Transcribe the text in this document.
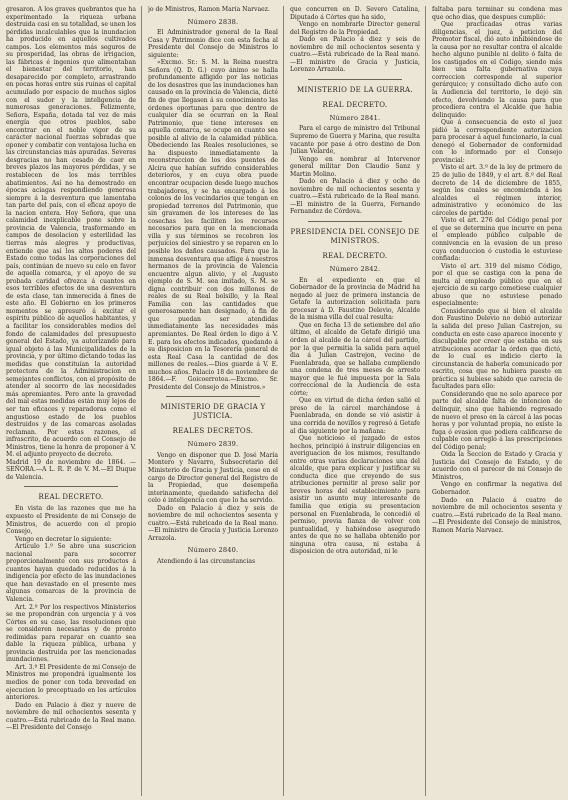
gresaron. A los graves quebrantos que ha experimentado la riqueza urbana destruida casi en su totalidad, se unen los pérdidas incalculables que la inundacion ha producido en aquellos cultivados campos. Los elementos más seguros de su prosperidad, las obras de irrigacion, las fábricas é ingenios que alimentaban el bienestar del territorio, han desaparecido por completo, arrastrando en pocas horas entre sus ruinas el capital acumulado por espacio de muchos siglos con el sudor y la inteligencia de numerosas generaciones. Felizmente, Señora, España, dotada tal vez de más energía que otros pueblos, sabe encontrar en el noble vigor de su carácter nacional fuerzas sobradas que oponer y combatir con ventajosa lucha en las circunstancias más apuradas. Severas desgracias no han cesado de caer en breves plazos las mayores pérdidas, y se restablecen de los más terribles abatimientos. Así no ha demostrado en épocas aciagas respondiendo generosa siempre á la desventura que lamentaba tan parte del país, con el eficaz apoyo de la nacion entera. Hoy Señora, que una calamidad inexplicable pone sobre la provincia de Valencia, trasformando en campos de desolacion y esterilidad las tierras más alegres y productivas, entiende que así los altos poderes del Estado como todas las corporaciones del país, continúan de nuevo su celo en favor de aquella comarca, y el apoyo de su probada caridad ofrezca á cuantos en esos terribles efectos de una desventura de esta clase, tan inmerecida á fines de este año. El Gobierno en los primeros momentos se apresuró á excitar el espíritu público de aquellos habitantes, y a facilitar los considerables medios del fondo de calamidades del presupuesto general del Estado, ya autorizando para igual objeto á las Municipalidades de la provincia, y por último dictando todas las medidas que constituían la autoridad protectora de la Administracion en semejantes conflictos, con el propósito de atender al socorro de las necesidades más apremiantes. Pero ante la gravedad del mal estas medidas están muy lejos de ser tan eficaces y reparadoras como el angustioso estado de los pueblos destruidos y de las comarcas asoladas reclaman. Por estas razones, el infrascrito, de acuerdo con el Consejo de Ministros, tiene la honra de proponer á V. M. el adjunto proyecto de decreto.

Madrid 19 de noviembre de 1864. —SEÑORA.—A L. R. P. de V. M.—El Duque de Valencia.

REAL DECRETO.

En vista de las razones que me ha expuesto el Presidente de mi Consejo de Ministros, de acuerdo con el propio Consejo,

Vengo en decretar lo siguiente:

Artículo 1.º Se abre una suscricion nacional para socorrer proporcionalmente con sus productos á cuantos hayan quedado reducidos á la indigencia por efecto de las inundaciones que han devastado en el presente mes algunas comarcas de la provincia de Valencia.

Art. 2.º Por los respectivos Ministerios se me propondrán con urgencia y á vos Córtes en su caso, las resoluciones que se consideren necesarias y de pronto redimidas para reparar en cuanto sea dable la riqueza pública, urbana y provincia destruida por las mencionadas inundaciones.

Art. 3.º El Presidente de mi Consejo de Ministros me propondrá igualmente los medios de poner con toda brevedad en ejecucion lo preceptuado en los artículos anteriores.

Dado en Palacio á diez y nueve de noviembre de mil ochocientos sesenta y cuatro.—Está rubricado de la Real mano.—El Presidente del Consejo

jo de Ministros, Ramon María Narvaez.

Número 2838.

El Administrador general de la Real Casa y Patrimonio dice con esta fecha al Presidente del Consejo de Ministros lo siguiente:

«Excmo. Sr.: S. M. la Reina nuestra Señora (Q. D. G.) cuyo ánimo se halla profundamente afligido por las noticias de los desastres que las inundaciones han causado en la provincia de Valencia, dicté fin de que llegasen á su conocimiento las órdenes oportunas para que dentro de cualquier día se ocurran en la Real Patrimonio, que tiene intereses en aquella comarca, se ocupe en cuanto sea posible al alivio de la calamidad pública. Obedeciendo las Reales resoluciones, se ha dispuesto inmediatamente la reconstruccion de los dos puentes de Alcira que habían sufrido considerables deterioros, y en cuya obra puede encontrar ocupacion desde luego muchos trabajadores, y se ha encargado á los colonos de los vecindarios que tengan en propiedad terrenos del Patrimonio, que sin gravamen de los intereses de las cosechas les faciliten los recursos necesarios para que en la mencionada villa y sus términos se recobren los perjuicios del siniestro y se reparen en lo posible los daños causados. Para que la inmensa desventura que aflige á nuestros hermanos de la provincia de Valencia encuentre algun alivio, y el Augusto ejemplo de S. M. sea imitado, S. M. se digna contribuir con dos millones de reales de su Real bolsillo, y la Real Familia con las cantidades que generosamente han designado, á fin de que puedan ser atendidas inmediatamente las necesidades más apremiantes. De Real órden lo digo á V. E. para los efectos indicados, quedando á su disposicion en la Tesorería general de esta Real Casa la cantidad de dos millones de reales.—Dios guarde á V. E. muchos años. Palacio 18 de noviembre de 1864.—F. Goicoerrotea.—Excmo. Sr. Presidente del Consejo de Ministros.»

MINISTERIO DE GRACIA Y JUSTICIA.
REALES DECRETOS.
Número 2839.

Vengo en disponer que D. José María Montero y Navarro, Subsecretario del Ministerio de Gracia y Justicia, cese en el cargo de Director general del Registro de la Propiedad, que desempeña interinamente, quedando satisfecha del celo é inteligencia con que lo ha servido.

Dado en Palacio á diez y seis de noviembre de mil ochocientos sesenta y cuatro.—Está rubricado de la Real mano.—El ministro de Gracia y Justicia Lorenzo Arrazola.

Número 2840.

Atendiendo á las circunstancias

que concurren en D. Severo Catalina, Diputado á Córtes que ha sido,

Vengo en nombrarle Director general del Registro de la Propiedad.

Dado en Palacio á diez y seis de noviembre de mil ochocientos sesenta y cuatro.—Está rubricado de la Real mano.—El ministro de Gracia y Justicia, Lorenzo Arrazola.

MINISTERIO DE LA GUERRA.
REAL DECRETO.
Número 2841.

Para el cargo de ministro del Tribunal Supremo de Guerra y Marina, que resulta vacante por pase á otro destino de Don Julian Velarde,

Vengo en nombrar al Intervenor general militar Don Claudio Sanz y Martin Molino.

Dado en Palacio á diez y ocho de noviembre de mil ochocientos sesenta y cuatro.—Está rubricado de la Real mano.—El ministro de la Guerra, Fernando Fernandez de Córdova.

PRESIDENCIA DEL CONSEJO DE MINISTROS.
REAL DECRETO.
Número 2842.

En el expediente en que el Gobernador de la provincia de Madrid ha negado al juez de primera instancia de Getafe la autorizacion solicitada para procesar á D. Faustino Delevio, Alcalde de la misma villa del cual resulta:

Que en fecha 13 de setiembre del año último, el alcalde de Getafe dirigió una órden al alcalde de la cárcel del partido, por la que permitia la salida para aquel dia á Julian Castrejon, vecino de Fuenlabrada, que se hallaba cumpliendo una condena de tres meses de arresto mayor que le fué impuesta por la Sala correccional de la Audiencia de esta córte;

Que en virtud de dicha órden salió el preso de la cárcel marchándose á Fuenlabrada, en donde se vió asistir á una corrida de novillos y regresó á Getafe al dia siguiente por la mañana:

Que noticioso el juzgado de estos hechos, principió á instruir diligencias en averiguacion de los mismos, resultando entre otras varias declaraciones una del alcalde, que para explicar y justificar su conducta dice que creyendo de sus atribuciones permitir al preso salir por breves horas del establecimiento para asistir un asunto muy interesante de familia que exigia su presentacion personal en Fuenlabrada, le concedió el permiso, previa fianza de volver con puntualidad, y habiéndose asegurado antes de que no se hallaba obtenido por ninguna otra causa, ni estaba á disposicion de otra autoridad, ni le

faltaba para terminar su condena mas que ocho dias, que despues cumplió:

Que practicadas otras varias diligencias, el juez, á peticion del Promotor fiscal, dió auto inhibiéndose de la causa por no resultar contra el alcalde hecho alguno punible ni delito ó falta de los castigados en el Código, siendo más bien una falta gubernativa cuya correccion corresponde al superior gerárquico; y consultado dicho auto con la Audiencia del territorio, le dejó sin efecto, devolviendo la causa para que procediera contra el Alcalde que habia delinquido:

Que á consecuencia de esto el juez pidió la correspondiente autorizacion para procesar á aquel funcionario, la cual denegó el Gobernador de conformidad con lo informado por el Consejo provincial:

Visto el art. 3.º de la ley de primero de 25 de julio de 1849, y el art. 8.º del Real decreto de 14 de diciembre de 1855, según los cuales se encomienda á los alcaldes el régimen interior, administrativo y económico de las cárceles de partido:

Visto el art. 276 del Código penal por el que se determina que incurre en pena el empleado público culpable de connivencia en la evasion de un preso cuya conduccion ó custodia le estuviese confiada:

Visto el art. 319 del mismo Código, por el que se castiga con la pena de multa al empleado público que en el ejercicio de su cargo cometiese cualquier abuso que no estuviese penado especialmente:

Considerando que si bien el alcalde don Faustino Delevio no debió autorizar la salida del preso Julian Castrejon, su conducta en este caso aparece inocente y disculpable por creer que estaba en sus atribuciones acordar la órden que dictó, de lo cual es indicio cierto la circunstancia de haberla comunicado por escrito, cosa que no hubiera puesto en práctica si hubiese sabido que carecia de facultades para ello:

Considerando que no solo aparece por parte del alcalde falta de intencion de delinquir, sino que habiendo regresado de nuevo el preso en la cárcel á las pocas horas y por voluntad propia, no existe la fuga ó evasion que podiera calificarse de culpable con arreglo á las prescripciones del Código penal;

Oida la Seccion de Estado y Gracia y Justicia del Consejo de Estado, y de acuerdo con el parecer de mi Consejo de Ministros,

Vengo en confirmar la negativa del Gobernador.

Dado en Palacio á cuatro de noviembre de mil ochocientos sesenta y cuatro.—Está rubricado de la Real mano.—El Presidente del Consejo de ministros, Ramon María Narvaez.
